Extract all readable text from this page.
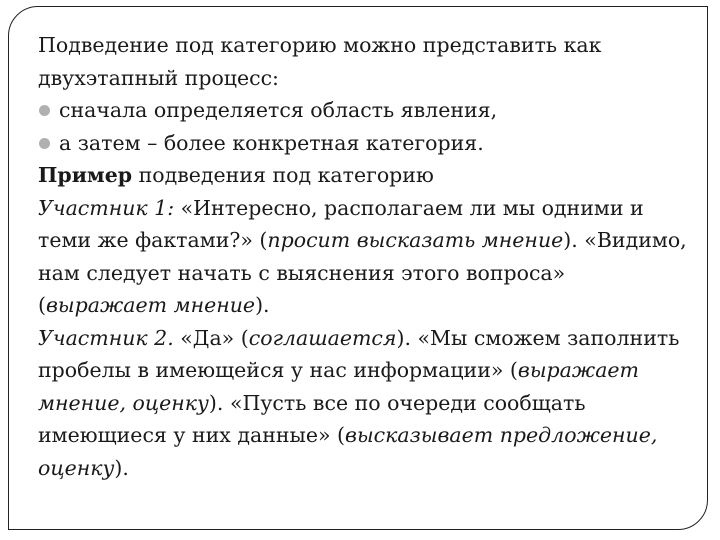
Подведение под категорию можно представить как двухэтапный процесс:

сначала определяется область явления,
а затем – более конкретная категория.

Пример подведения под категорию

Участник 1: «Интересно, располагаем ли мы одними и теми же фактами?» (просит высказать мнение). «Видимо, нам следует начать с выяснения этого вопроса» (выражает мнение).

Участник 2. «Да» (соглашается). «Мы сможем заполнить пробелы в имеющейся у нас информации» (выражает мнение, оценку). «Пусть все по очереди сообщать имеющиеся у них данные» (высказывает предложение, оценку).
